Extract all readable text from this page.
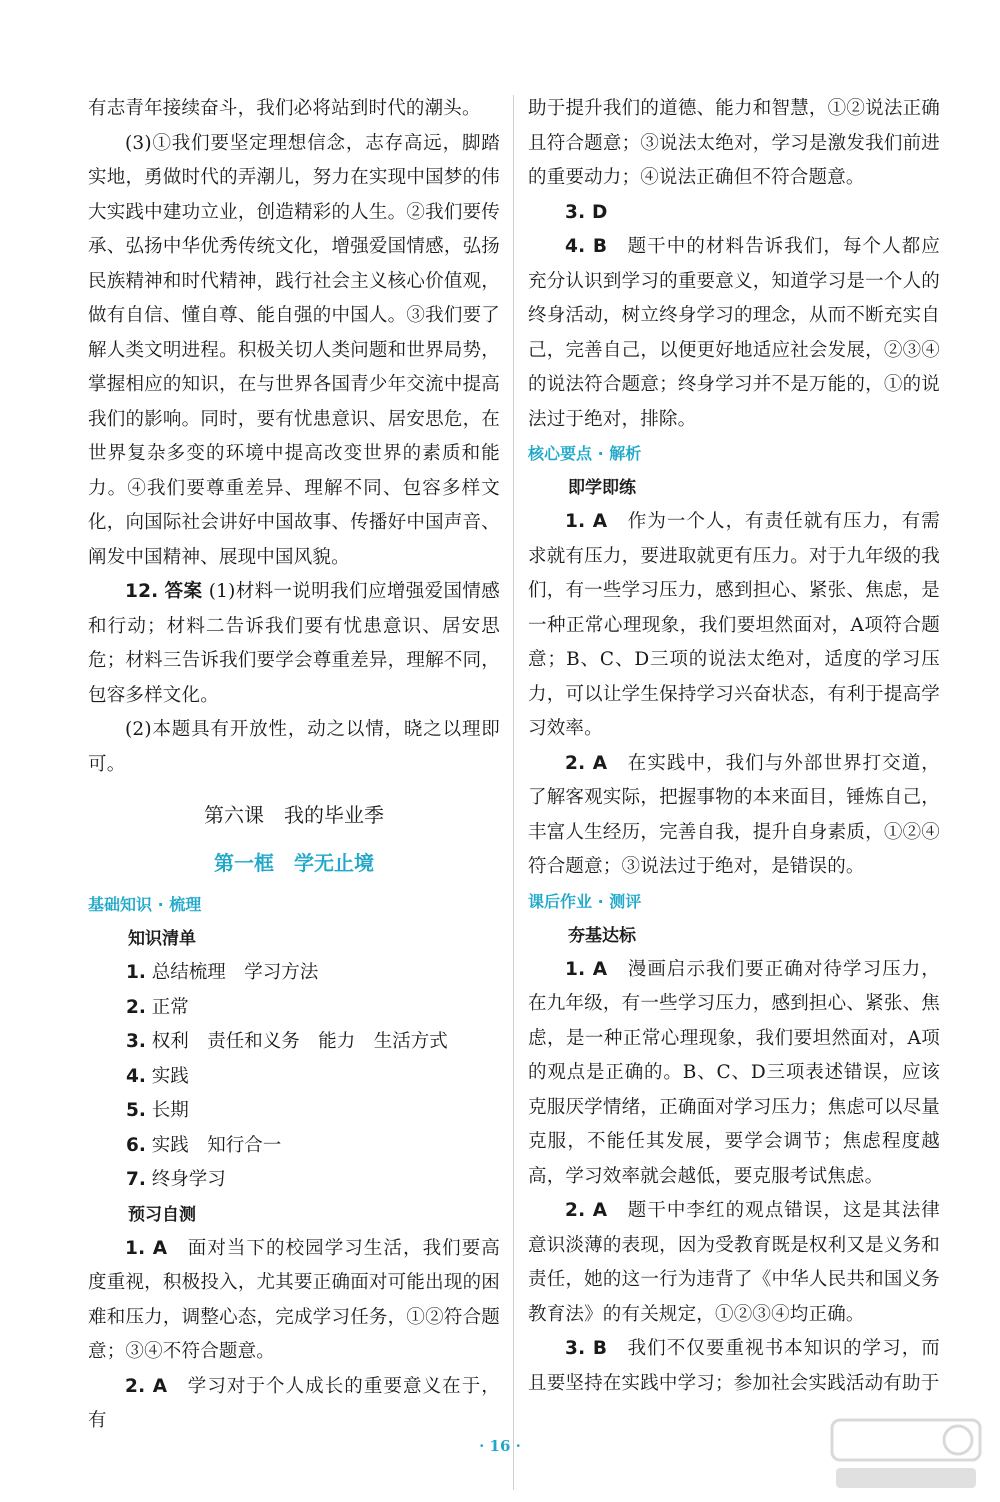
有志青年接续奋斗，我们必将站到时代的潮头。

(3)①我们要坚定理想信念，志存高远，脚踏实地，勇做时代的弄潮儿，努力在实现中国梦的伟大实践中建功立业，创造精彩的人生。②我们要传承、弘扬中华优秀传统文化，增强爱国情感，弘扬民族精神和时代精神，践行社会主义核心价值观，做有自信、懂自尊、能自强的中国人。③我们要了解人类文明进程。积极关切人类问题和世界局势，掌握相应的知识，在与世界各国青少年交流中提高我们的影响。同时，要有忧患意识、居安思危，在世界复杂多变的环境中提高改变世界的素质和能力。④我们要尊重差异、理解不同、包容多样文化，向国际社会讲好中国故事、传播好中国声音、阐发中国精神、展现中国风貌。

12. 答案 (1)材料一说明我们应增强爱国情感和行动；材料二告诉我们要有忧患意识、居安思危；材料三告诉我们要学会尊重差异，理解不同，包容多样文化。

(2)本题具有开放性，动之以情，晓之以理即可。

第六课　我的毕业季
第一框　学无止境

基础知识 · 梳理

知识清单

1. 总结梳理　学习方法

2. 正常

3. 权利　责任和义务　能力　生活方式

4. 实践

5. 长期

6. 实践　知行合一

7. 终身学习

预习自测

1. A　 面对当下的校园学习生活，我们要高度重视，积极投入，尤其要正确面对可能出现的困难和压力，调整心态，完成学习任务，①②符合题意；③④不符合题意。

2. A　 学习对于个人成长的重要意义在于，有

助于提升我们的道德、能力和智慧，①②说法正确且符合题意；③说法太绝对，学习是激发我们前进的重要动力；④说法正确但不符合题意。

3. D

4. B　 题干中的材料告诉我们，每个人都应充分认识到学习的重要意义，知道学习是一个人的终身活动，树立终身学习的理念，从而不断充实自己，完善自己，以便更好地适应社会发展，②③④的说法符合题意；终身学习并不是万能的，①的说法过于绝对，排除。

核心要点 · 解析

即学即练

1. A　 作为一个人，有责任就有压力，有需求就有压力，要进取就更有压力。对于九年级的我们，有一些学习压力，感到担心、紧张、焦虑，是一种正常心理现象，我们要坦然面对，A项符合题意；B、C、D三项的说法太绝对，适度的学习压力，可以让学生保持学习兴奋状态，有利于提高学习效率。

2. A　 在实践中，我们与外部世界打交道，了解客观实际，把握事物的本来面目，锤炼自己，丰富人生经历，完善自我，提升自身素质，①②④符合题意；③说法过于绝对，是错误的。

课后作业 · 测评

夯基达标

1. A　 漫画启示我们要正确对待学习压力，在九年级，有一些学习压力，感到担心、紧张、焦虑，是一种正常心理现象，我们要坦然面对，A项的观点是正确的。B、C、D三项表述错误，应该克服厌学情绪，正确面对学习压力；焦虑可以尽量克服，不能任其发展，要学会调节；焦虑程度越高，学习效率就会越低，要克服考试焦虑。

2. A　 题干中李红的观点错误，这是其法律意识淡薄的表现，因为受教育既是权利又是义务和责任，她的这一行为违背了《中华人民共和国义务教育法》的有关规定，①②③④均正确。

3. B　 我们不仅要重视书本知识的学习，而且要坚持在实践中学习；参加社会实践活动有助于

· 16 ·
